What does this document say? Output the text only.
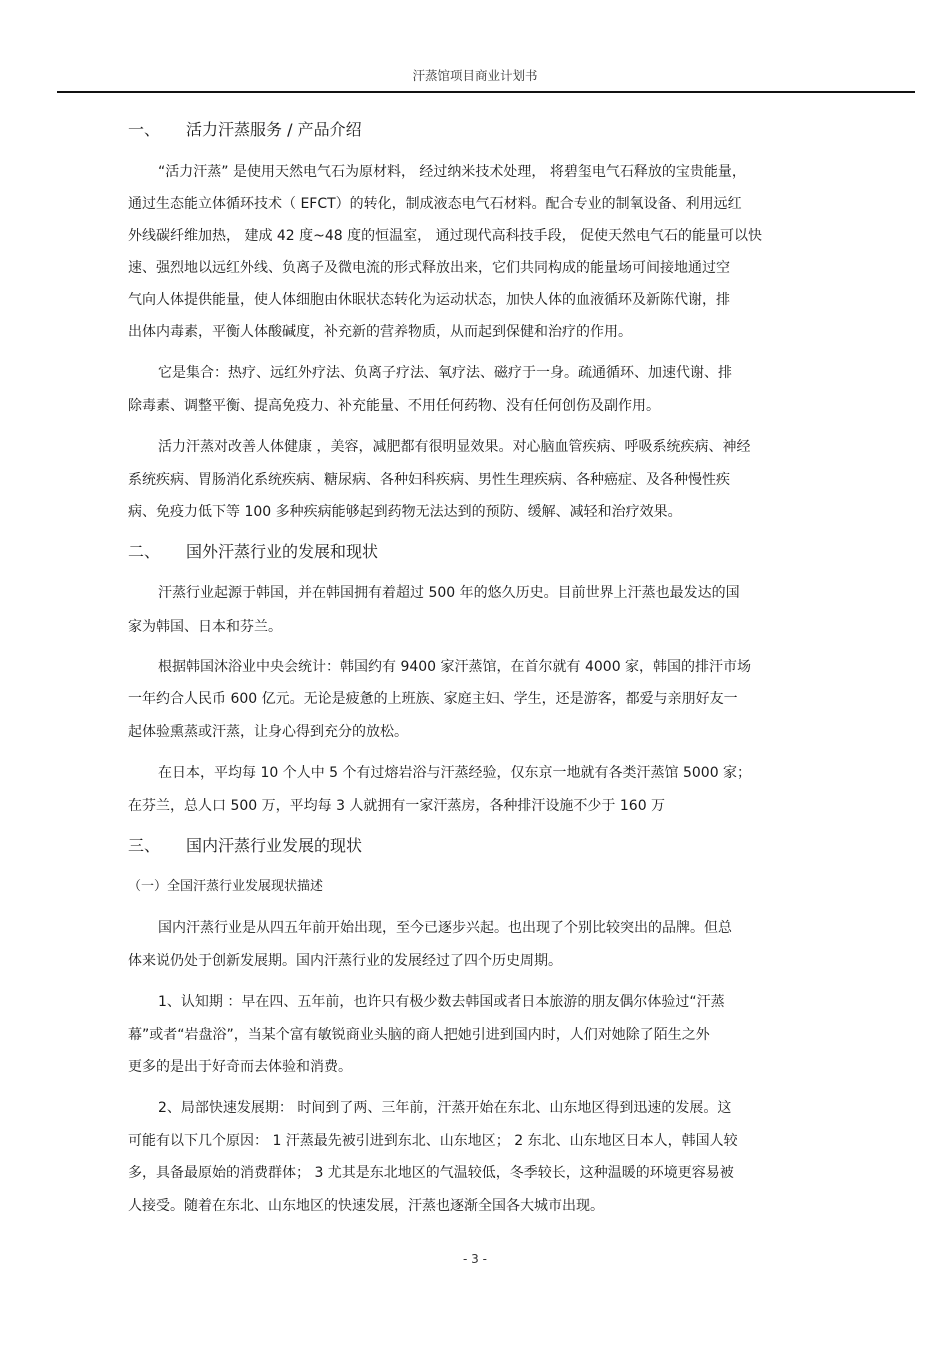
汗蒸馆项目商业计划书
一、 活力汗蒸服务 / 产品介绍
“活力汗蒸” 是使用天然电气石为原材料， 经过纳米技术处理， 将碧玺电气石释放的宝贵能量，
通过生态能立体循环技术（ EFCT）的转化，制成液态电气石材料。配合专业的制氧设备、利用远红
外线碳纤维加热， 建成 42 度~48 度的恒温室， 通过现代高科技手段， 促使天然电气石的能量可以快
速、强烈地以远红外线、负离子及微电流的形式释放出来，它们共同构成的能量场可间接地通过空
气向人体提供能量，使人体细胞由休眠状态转化为运动状态，加快人体的血液循环及新陈代谢，排
出体内毒素，平衡人体酸碱度，补充新的营养物质，从而起到保健和治疗的作用。
它是集合：热疗、远红外疗法、负离子疗法、氧疗法、磁疗于一身。疏通循环、加速代谢、排
除毒素、调整平衡、提高免疫力、补充能量、不用任何药物、没有任何创伤及副作用。
活力汗蒸对改善人体健康 ，美容，减肥都有很明显效果。对心脑血管疾病、呼吸系统疾病、神经
系统疾病、胃肠消化系统疾病、糖尿病、各种妇科疾病、男性生理疾病、各种癌症、及各种慢性疾
病、免疫力低下等 100 多种疾病能够起到药物无法达到的预防、缓解、减轻和治疗效果。
二、 国外汗蒸行业的发展和现状
汗蒸行业起源于韩国，并在韩国拥有着超过 500 年的悠久历史。目前世界上汗蒸也最发达的国
家为韩国、日本和芬兰。
根据韩国沐浴业中央会统计：韩国约有 9400 家汗蒸馆，在首尔就有 4000 家，韩国的排汗市场
一年约合人民币 600 亿元。无论是疲惫的上班族、家庭主妇、学生，还是游客，都爱与亲朋好友一
起体验熏蒸或汗蒸，让身心得到充分的放松。
在日本，平均每 10 个人中 5 个有过熔岩浴与汗蒸经验，仅东京一地就有各类汗蒸馆 5000 家；
在芬兰，总人口 500 万，平均每 3 人就拥有一家汗蒸房，各种排汗设施不少于 160 万
三、 国内汗蒸行业发展的现状
（一）全国汗蒸行业发展现状描述
国内汗蒸行业是从四五年前开始出现，至今已逐步兴起。也出现了个别比较突出的品牌。但总
体来说仍处于创新发展期。国内汗蒸行业的发展经过了四个历史周期。
1、认知期 ：早在四、五年前，也许只有极少数去韩国或者日本旅游的朋友偶尔体验过“汗蒸
幕”或者“岩盘浴”，当某个富有敏锐商业头脑的商人把她引进到国内时，人们对她除了陌生之外
更多的是出于好奇而去体验和消费。
2、局部快速发展期： 时间到了两、三年前，汗蒸开始在东北、山东地区得到迅速的发展。这
可能有以下几个原因： 1 汗蒸最先被引进到东北、山东地区； 2 东北、山东地区日本人，韩国人较
多，具备最原始的消费群体； 3 尤其是东北地区的气温较低，冬季较长，这种温暖的环境更容易被
人接受。随着在东北、山东地区的快速发展，汗蒸也逐渐全国各大城市出现。
- 3 -
